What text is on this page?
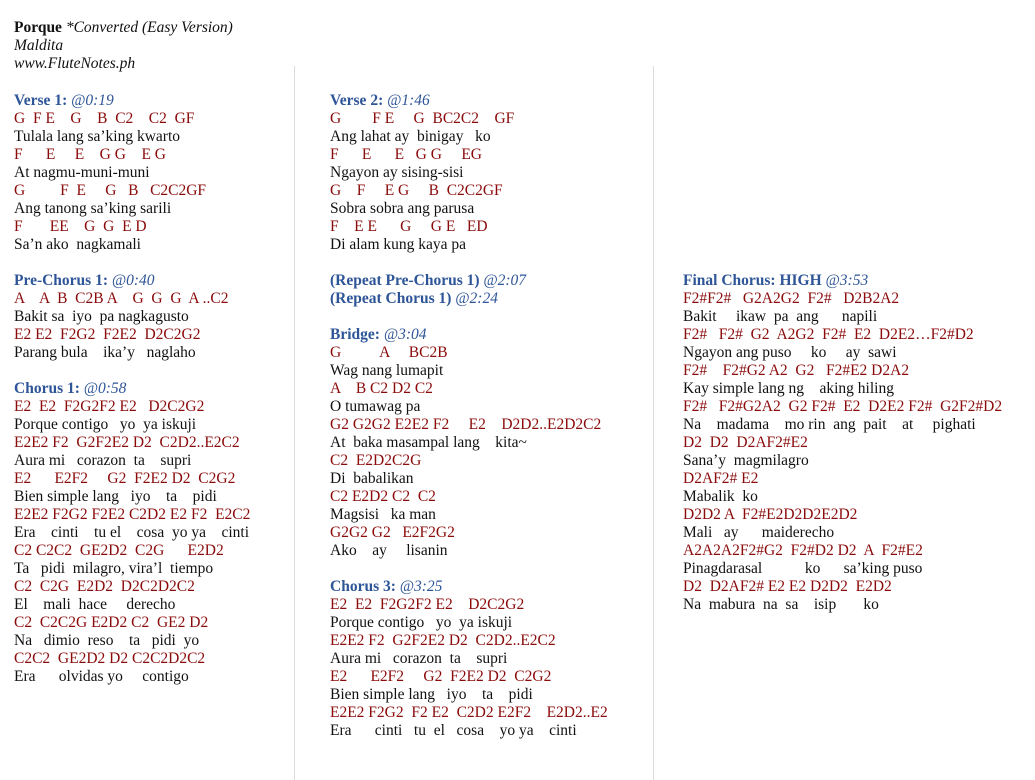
Porque *Converted (Easy Version)
Maldita
www.FluteNotes.ph
Verse 1: @0:19
G  F E    G    B  C2    C2  GF
Tulala lang sa’king kwarto
F      E     E    G G    E G
At nagmu-muni-muni
G         F  E     G   B   C2C2GF
Ang tanong sa’king sarili
F       EE    G  G  E D
Sa’n ako  nagkamali
Pre-Chorus 1: @0:40
A    A  B  C2B A    G  G  G  A ..C2
Bakit sa  iyo  pa nagkagusto
E2 E2  F2G2  F2E2  D2C2G2
Parang bula    ika’y   naglaho
Chorus 1: @0:58
E2  E2  F2G2F2 E2   D2C2G2
Porque contigo   yo  ya iskuji
E2E2 F2  G2F2E2 D2  C2D2..E2C2
Aura mi   corazon  ta    supri
E2      E2F2     G2  F2E2 D2  C2G2
Bien simple lang   iyo    ta    pidi
E2E2 F2G2 F2E2 C2D2 E2 F2  E2C2
Era    cinti    tu el    cosa  yo ya    cinti
C2 C2C2  GE2D2  C2G      E2D2
Ta   pidi  milagro, vira’l  tiempo
C2  C2G  E2D2  D2C2D2C2
El    mali  hace     derecho
C2  C2C2G E2D2 C2  GE2 D2
Na   dimio  reso    ta   pidi  yo
C2C2  GE2D2 D2 C2C2D2C2
Era      olvidas yo     contigo
Verse 2: @1:46
G        F E     G  BC2C2    GF
Ang lahat ay  binigay   ko
F      E      E   G G     EG
Ngayon ay sising-sisi
G    F     E G     B  C2C2GF
Sobra sobra ang parusa
F    E E      G     G E   ED
Di alam kung kaya pa
(Repeat Pre-Chorus 1) @2:07
(Repeat Chorus 1) @2:24
Bridge: @3:04
G          A     BC2B
Wag nang lumapit
A    B C2 D2 C2
O tumawag pa
G2 G2G2 E2E2 F2     E2    D2D2..E2D2C2
At  baka masampal lang    kita~
C2  E2D2C2G
Di  babalikan
C2 E2D2 C2  C2
Magsisi   ka man
G2G2 G2   E2F2G2
Ako    ay     lisanin
Chorus 3: @3:25
E2  E2  F2G2F2 E2    D2C2G2
Porque contigo   yo  ya iskuji
E2E2 F2  G2F2E2 D2  C2D2..E2C2
Aura mi   corazon  ta    supri
E2      E2F2     G2  F2E2 D2  C2G2
Bien simple lang   iyo    ta    pidi
E2E2 F2G2  F2 E2  C2D2 E2F2    E2D2..E2
Era      cinti   tu  el   cosa    yo ya    cinti
Final Chorus: HIGH @3:53
F2#F2#   G2A2G2  F2#   D2B2A2
Bakit     ikaw  pa  ang      napili
F2#   F2#  G2  A2G2  F2#  E2  D2E2…F2#D2
Ngayon ang puso     ko     ay  sawi
F2#    F2#G2 A2  G2   F2#E2 D2A2
Kay simple lang ng    aking hiling
F2#   F2#G2A2  G2 F2#  E2  D2E2 F2#  G2F2#D2
Na    madama    mo rin  ang  pait    at     pighati
D2  D2  D2AF2#E2
Sana’y  magmilagro
D2AF2# E2
Mabalik  ko
D2D2 A  F2#E2D2D2E2D2
Mali   ay      maiderecho
A2A2A2F2#G2  F2#D2 D2  A  F2#E2
Pinagdarasal           ko      sa’king puso
D2  D2AF2# E2 E2 D2D2  E2D2
Na  mabura  na  sa    isip       ko
